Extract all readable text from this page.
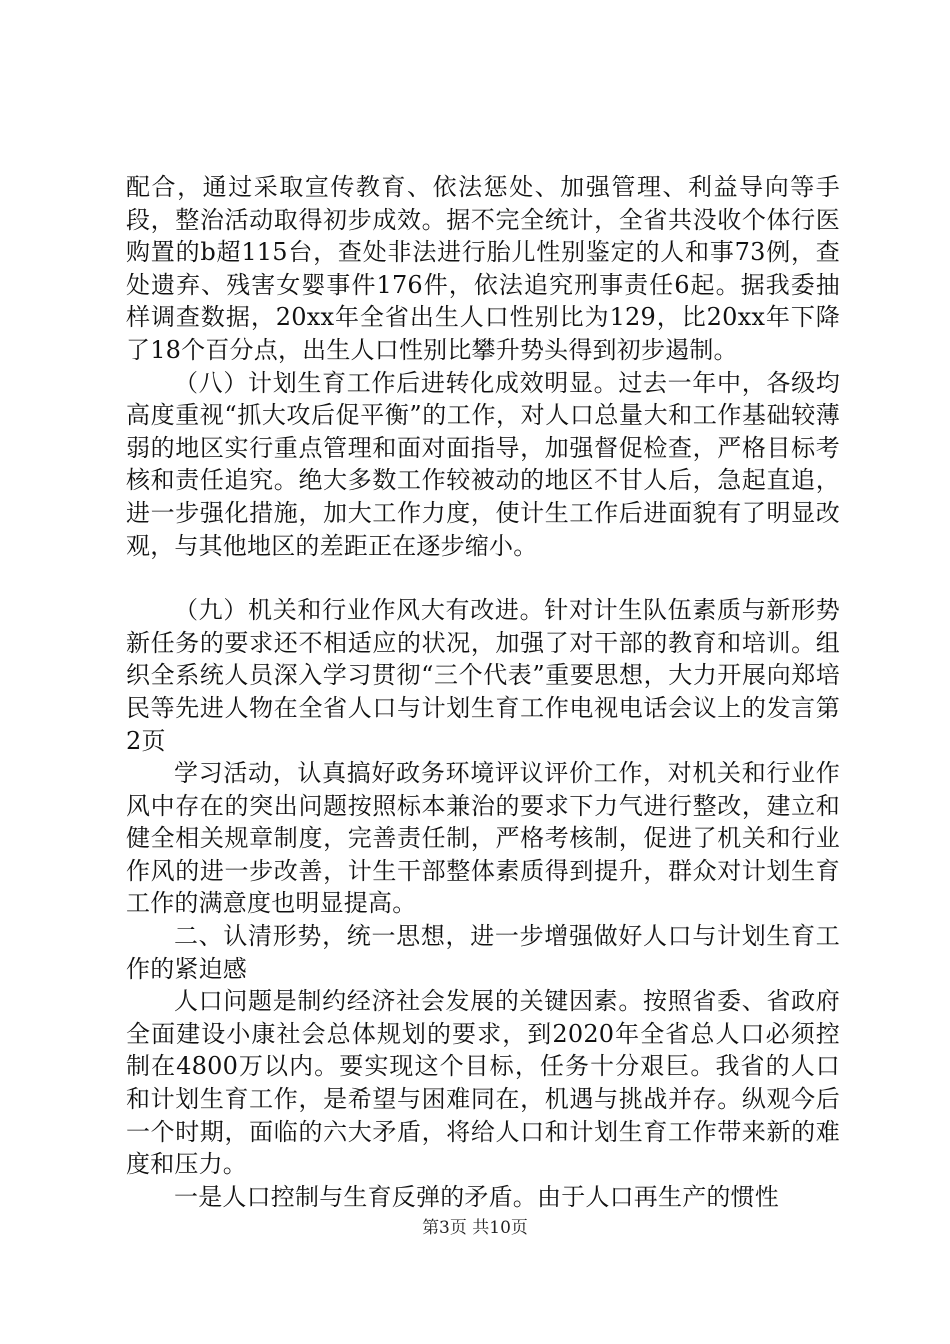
配合，通过采取宣传教育、依法惩处、加强管理、利益导向等手段，整治活动取得初步成效。据不完全统计，全省共没收个体行医购置的b超115台，查处非法进行胎儿性别鉴定的人和事73例，查处遗弃、残害女婴事件176件，依法追究刑事责任6起。据我委抽样调查数据，20xx年全省出生人口性别比为129，比20xx年下降了18个百分点，出生人口性别比攀升势头得到初步遏制。

（八）计划生育工作后进转化成效明显。过去一年中，各级均高度重视“抓大攻后促平衡”的工作，对人口总量大和工作基础较薄弱的地区实行重点管理和面对面指导，加强督促检查，严格目标考核和责任追究。绝大多数工作较被动的地区不甘人后，急起直追，进一步强化措施，加大工作力度，使计生工作后进面貌有了明显改观，与其他地区的差距正在逐步缩小。

（九）机关和行业作风大有改进。针对计生队伍素质与新形势新任务的要求还不相适应的状况，加强了对干部的教育和培训。组织全系统人员深入学习贯彻“三个代表”重要思想，大力开展向郑培民等先进人物在全省人口与计划生育工作电视电话会议上的发言第2页

学习活动，认真搞好政务环境评议评价工作，对机关和行业作风中存在的突出问题按照标本兼治的要求下力气进行整改，建立和健全相关规章制度，完善责任制，严格考核制，促进了机关和行业作风的进一步改善，计生干部整体素质得到提升，群众对计划生育工作的满意度也明显提高。

二、认清形势，统一思想，进一步增强做好人口与计划生育工作的紧迫感

人口问题是制约经济社会发展的关键因素。按照省委、省政府全面建设小康社会总体规划的要求，到2020年全省总人口必须控制在4800万以内。要实现这个目标，任务十分艰巨。我省的人口和计划生育工作，是希望与困难同在，机遇与挑战并存。纵观今后一个时期，面临的六大矛盾，将给人口和计划生育工作带来新的难度和压力。

一是人口控制与生育反弹的矛盾。由于人口再生产的惯性

第3页 共10页
